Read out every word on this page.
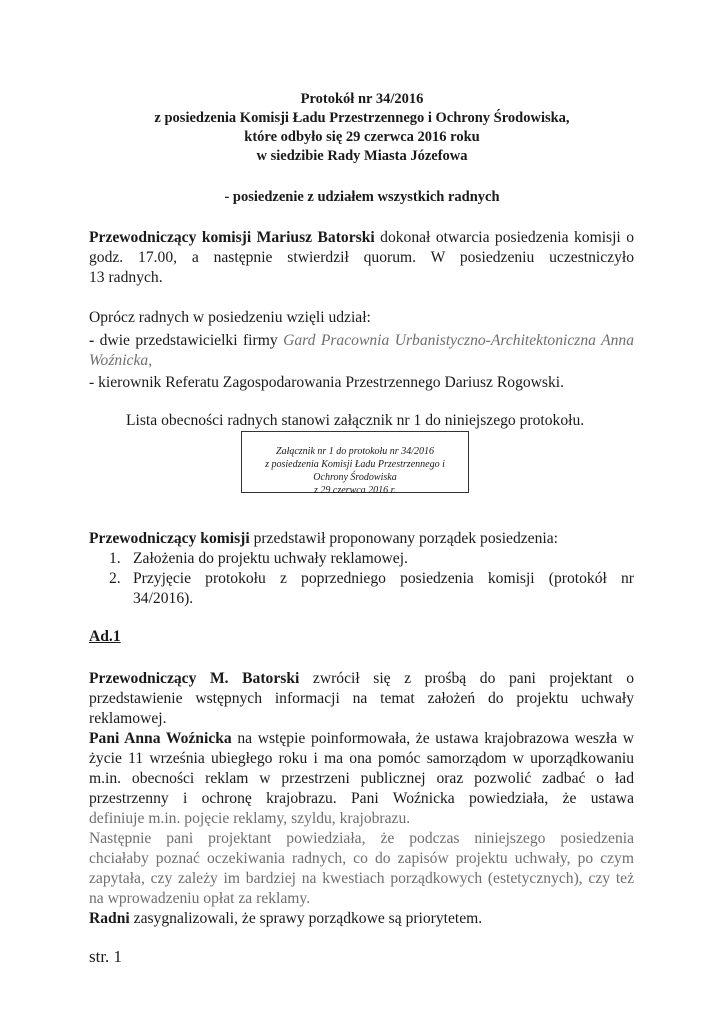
Protokół nr 34/2016

z posiedzenia Komisji Ładu Przestrzennego i Ochrony Środowiska,

które odbyło się 29 czerwca 2016 roku

w siedzibie Rady Miasta Józefowa

- posiedzenie z udziałem wszystkich radnych

Przewodniczący komisji Mariusz Batorski dokonał otwarcia posiedzenia komisji o

godz. 17.00, a następnie stwierdził quorum. W posiedzeniu uczestniczyło

13 radnych.

Oprócz radnych w posiedzeniu wzięli udział:

- dwie przedstawicielki firmy Gard Pracownia Urbanistyczno-Architektoniczna Anna

Woźnicka,

- kierownik Referatu Zagospodarowania Przestrzennego Dariusz Rogowski.

Lista obecności radnych stanowi załącznik nr 1 do niniejszego protokołu.

Załącznik nr 1 do protokołu nr 34/2016

z posiedzenia Komisji Ładu Przestrzennego i

Ochrony Środowiska

z 29 czerwca 2016 r.

Przewodniczący komisji przedstawił proponowany porządek posiedzenia:

1. Założenia do projektu uchwały reklamowej.

2. Przyjęcie protokołu z poprzedniego posiedzenia komisji (protokół nr

34/2016).

Ad.1

Przewodniczący M. Batorski zwrócił się z prośbą do pani projektant o

przedstawienie wstępnych informacji na temat założeń do projektu uchwały

reklamowej.

Pani Anna Woźnicka na wstępie poinformowała, że ustawa krajobrazowa weszła w

życie 11 września ubiegłego roku i ma ona pomóc samorządom w uporządkowaniu

m.in. obecności reklam w przestrzeni publicznej oraz pozwolić zadbać o ład

przestrzenny i ochronę krajobrazu. Pani Woźnicka powiedziała, że ustawa

definiuje m.in. pojęcie reklamy, szyldu, krajobrazu.

Następnie pani projektant powiedziała, że podczas niniejszego posiedzenia

chciałaby poznać oczekiwania radnych, co do zapisów projektu uchwały, po czym

zapytała, czy zależy im bardziej na kwestiach porządkowych (estetycznych), czy też

na wprowadzeniu opłat za reklamy.

Radni zasygnalizowali, że sprawy porządkowe są priorytetem.

str. 1
